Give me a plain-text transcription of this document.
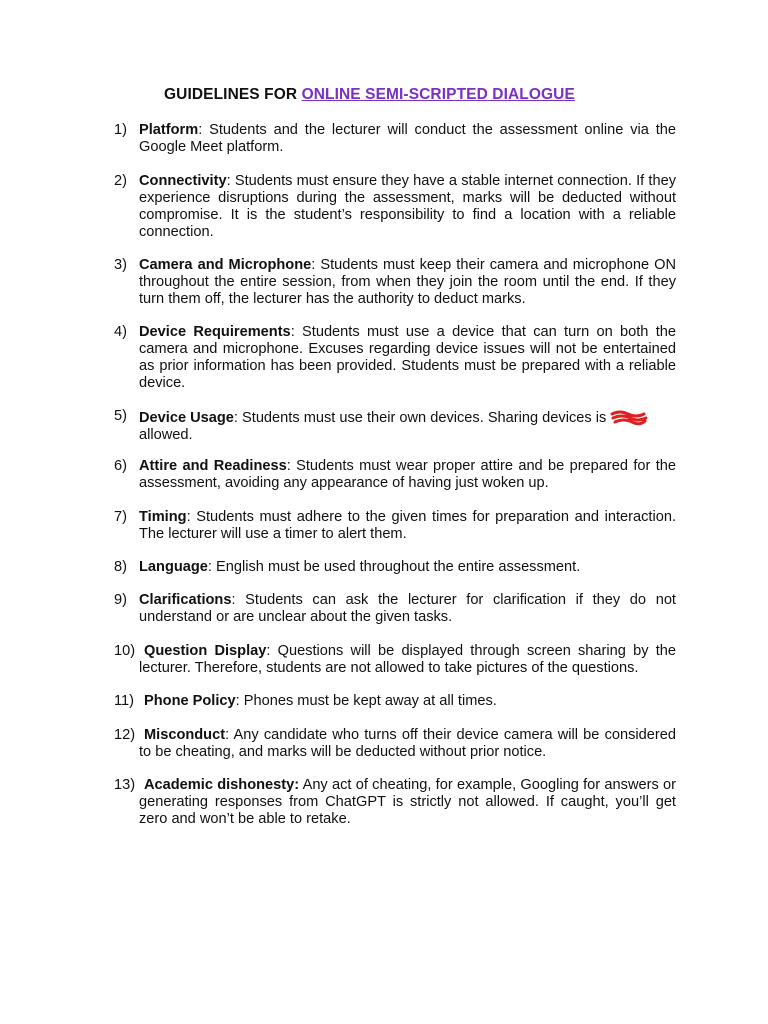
GUIDELINES FOR ONLINE SEMI-SCRIPTED DIALOGUE
1) Platform: Students and the lecturer will conduct the assessment online via the Google Meet platform.
2) Connectivity: Students must ensure they have a stable internet connection. If they experience disruptions during the assessment, marks will be deducted without compromise. It is the student’s responsibility to find a location with a reliable connection.
3) Camera and Microphone: Students must keep their camera and microphone ON throughout the entire session, from when they join the room until the end. If they turn them off, the lecturer has the authority to deduct marks.
4) Device Requirements: Students must use a device that can turn on both the camera and microphone. Excuses regarding device issues will not be entertained as prior information has been provided. Students must be prepared with a reliable device.
5) Device Usage: Students must use their own devices. Sharing devices is
allowed.
6) Attire and Readiness: Students must wear proper attire and be prepared for the assessment, avoiding any appearance of having just woken up.
7) Timing: Students must adhere to the given times for preparation and interaction. The lecturer will use a timer to alert them.
8) Language: English must be used throughout the entire assessment.
9) Clarifications: Students can ask the lecturer for clarification if they do not understand or are unclear about the given tasks.
10) Question Display: Questions will be displayed through screen sharing by the lecturer. Therefore, students are not allowed to take pictures of the questions.
11) Phone Policy: Phones must be kept away at all times.
12) Misconduct: Any candidate who turns off their device camera will be considered to be cheating, and marks will be deducted without prior notice.
13) Academic dishonesty: Any act of cheating, for example, Googling for answers or generating responses from ChatGPT is strictly not allowed. If caught, you’ll get zero and won’t be able to retake.
